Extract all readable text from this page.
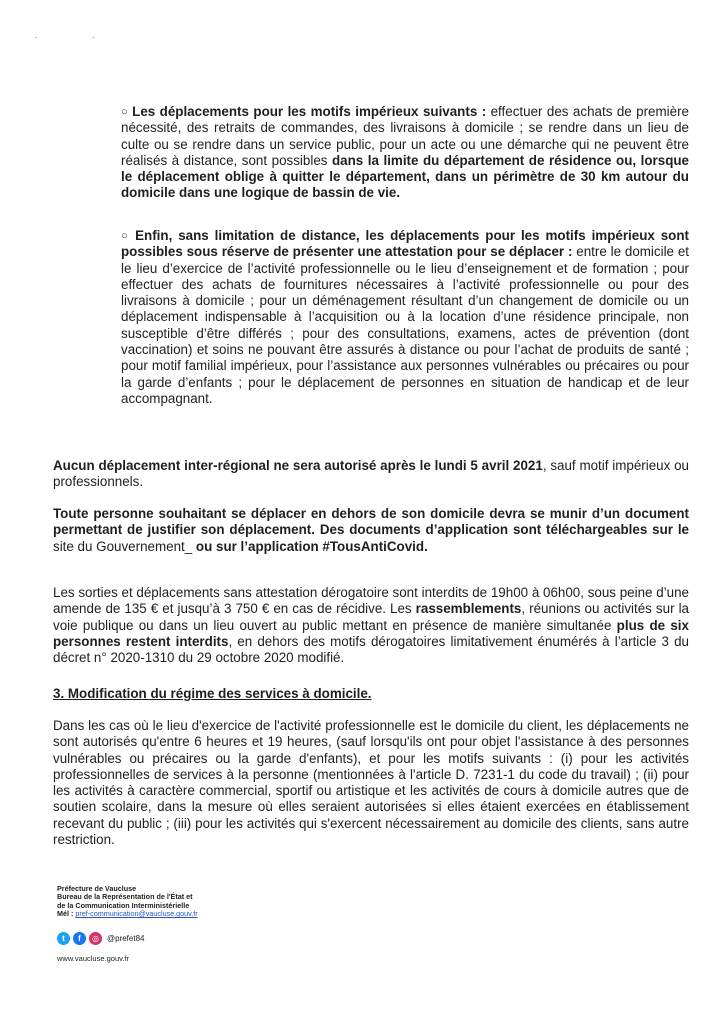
. .

○ Les déplacements pour les motifs impérieux suivants : effectuer des achats de première nécessité, des retraits de commandes, des livraisons à domicile ; se rendre dans un lieu de culte ou se rendre dans un service public, pour un acte ou une démarche qui ne peuvent être réalisés à distance, sont possibles dans la limite du département de résidence ou, lorsque le déplacement oblige à quitter le département, dans un périmètre de 30 km autour du domicile dans une logique de bassin de vie.

○ Enfin, sans limitation de distance, les déplacements pour les motifs impérieux sont possibles sous réserve de présenter une attestation pour se déplacer : entre le domicile et le lieu d’exercice de l’activité professionnelle ou le lieu d’enseignement et de formation ; pour effectuer des achats de fournitures nécessaires à l’activité professionnelle ou pour des livraisons à domicile ; pour un déménagement résultant d’un changement de domicile ou un déplacement indispensable à l’acquisition ou à la location d’une résidence principale, non susceptible d’être différés ; pour des consultations, examens, actes de prévention (dont vaccination) et soins ne pouvant être assurés à distance ou pour l’achat de produits de santé ; pour motif familial impérieux, pour l’assistance aux personnes vulnérables ou précaires ou pour la garde d’enfants ; pour le déplacement de personnes en situation de handicap et de leur accompagnant.

Aucun déplacement inter-régional ne sera autorisé après le lundi 5 avril 2021, sauf motif impérieux ou professionnels.

Toute personne souhaitant se déplacer en dehors de son domicile devra se munir d’un document permettant de justifier son déplacement. Des documents d’application sont téléchargeables sur le site du Gouvernement_ ou sur l’application #TousAntiCovid.

Les sorties et déplacements sans attestation dérogatoire sont interdits de 19h00 à 06h00, sous peine d’une amende de 135 € et jusqu’à 3 750 € en cas de récidive. Les rassemblements, réunions ou activités sur la voie publique ou dans un lieu ouvert au public mettant en présence de manière simultanée plus de six personnes restent interdits, en dehors des motifs dérogatoires limitativement énumérés à l’article 3 du décret n° 2020-1310 du 29 octobre 2020 modifié.

3. Modification du régime des services à domicile.

Dans les cas où le lieu d'exercice de l'activité professionnelle est le domicile du client, les déplacements ne sont autorisés qu'entre 6 heures et 19 heures, (sauf lorsqu'ils ont pour objet l'assistance à des personnes vulnérables ou précaires ou la garde d'enfants), et pour les motifs suivants : (i) pour les activités professionnelles de services à la personne (mentionnées à l'article D. 7231-1 du code du travail) ; (ii) pour les activités à caractère commercial, sportif ou artistique et les activités de cours à domicile autres que de soutien scolaire, dans la mesure où elles seraient autorisées si elles étaient exercées en établissement recevant du public ; (iii) pour les activités qui s'exercent nécessairement au domicile des clients, sans autre restriction.

Préfecture de Vaucluse
Bureau de la Représentation de l'État et
de la Communication Interministérielle
Mél : pref-communication@vaucluse.gouv.fr
t	f	◎	@prefet84
www.vaucluse.gouv.fr
